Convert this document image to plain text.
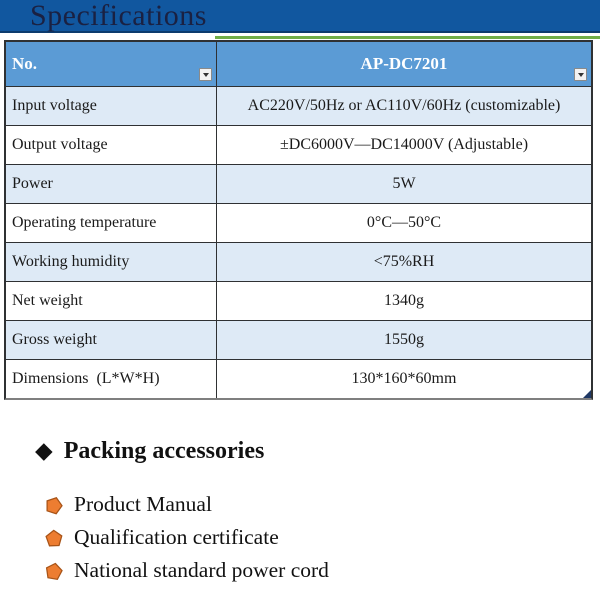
Specifications
No.	AP-DC7201
Input voltage	AC220V/50Hz or AC110V/60Hz (customizable)
Output voltage	±DC6000V—DC14000V (Adjustable)
Power	5W
Operating temperature	0°C—50°C
Working humidity	<75%RH
Net weight	1340g
Gross weight	1550g
Dimensions  (L*W*H)	130*160*60mm
◆ Packing accessories
Product Manual
Qualification certificate
National standard power cord
